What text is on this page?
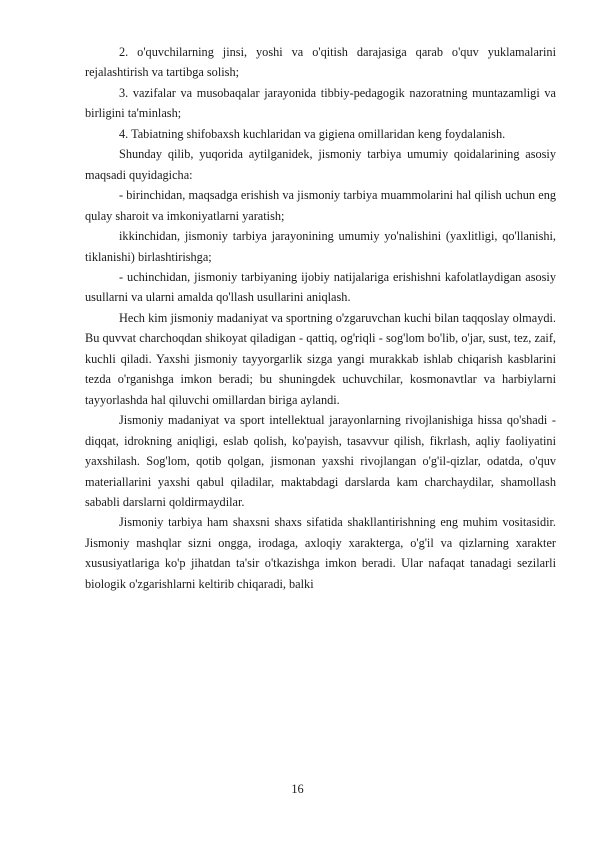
2. o'quvchilarning jinsi, yoshi va o'qitish darajasiga qarab o'quv yuklamalarini rejalashtirish va tartibga solish;

3. vazifalar va musobaqalar jarayonida tibbiy-pedagogik nazoratning muntazamligi va birligini ta'minlash;

4. Tabiatning shifobaxsh kuchlaridan va gigiena omillaridan keng foydalanish.

Shunday qilib, yuqorida aytilganidek, jismoniy tarbiya umumiy qoidalarining asosiy maqsadi quyidagicha:

- birinchidan, maqsadga erishish va jismoniy tarbiya muammolarini hal qilish uchun eng qulay sharoit va imkoniyatlarni yaratish;

ikkinchidan, jismoniy tarbiya jarayonining umumiy yo'nalishini (yaxlitligi, qo'llanishi, tiklanishi) birlashtirishga;

- uchinchidan, jismoniy tarbiyaning ijobiy natijalariga erishishni kafolatlaydigan asosiy usullarni va ularni amalda qo'llash usullarini aniqlash.

Hech kim jismoniy madaniyat va sportning o'zgaruvchan kuchi bilan taqqoslay olmaydi. Bu quvvat charchoqdan shikoyat qiladigan - qattiq, og'riqli - sog'lom bo'lib, o'jar, sust, tez, zaif, kuchli qiladi. Yaxshi jismoniy tayyorgarlik sizga yangi murakkab ishlab chiqarish kasblarini tezda o'rganishga imkon beradi; bu shuningdek uchuvchilar, kosmonavtlar va harbiylarni tayyorlashda hal qiluvchi omillardan biriga aylandi.

Jismoniy madaniyat va sport intellektual jarayonlarning rivojlanishiga hissa qo'shadi - diqqat, idrokning aniqligi, eslab qolish, ko'payish, tasavvur qilish, fikrlash, aqliy faoliyatini yaxshilash. Sog'lom, qotib qolgan, jismonan yaxshi rivojlangan o'g'il-qizlar, odatda, o'quv materiallarini yaxshi qabul qiladilar, maktabdagi darslarda kam charchaydilar, shamollash sababli darslarni qoldirmaydilar.

Jismoniy tarbiya ham shaxsni shaxs sifatida shakllantirishning eng muhim vositasidir. Jismoniy mashqlar sizni ongga, irodaga, axloqiy xarakterga, o'g'il va qizlarning xarakter xususiyatlariga ko'p jihatdan ta'sir o'tkazishga imkon beradi. Ular nafaqat tanadagi sezilarli biologik o'zgarishlarni keltirib chiqaradi, balki

16
